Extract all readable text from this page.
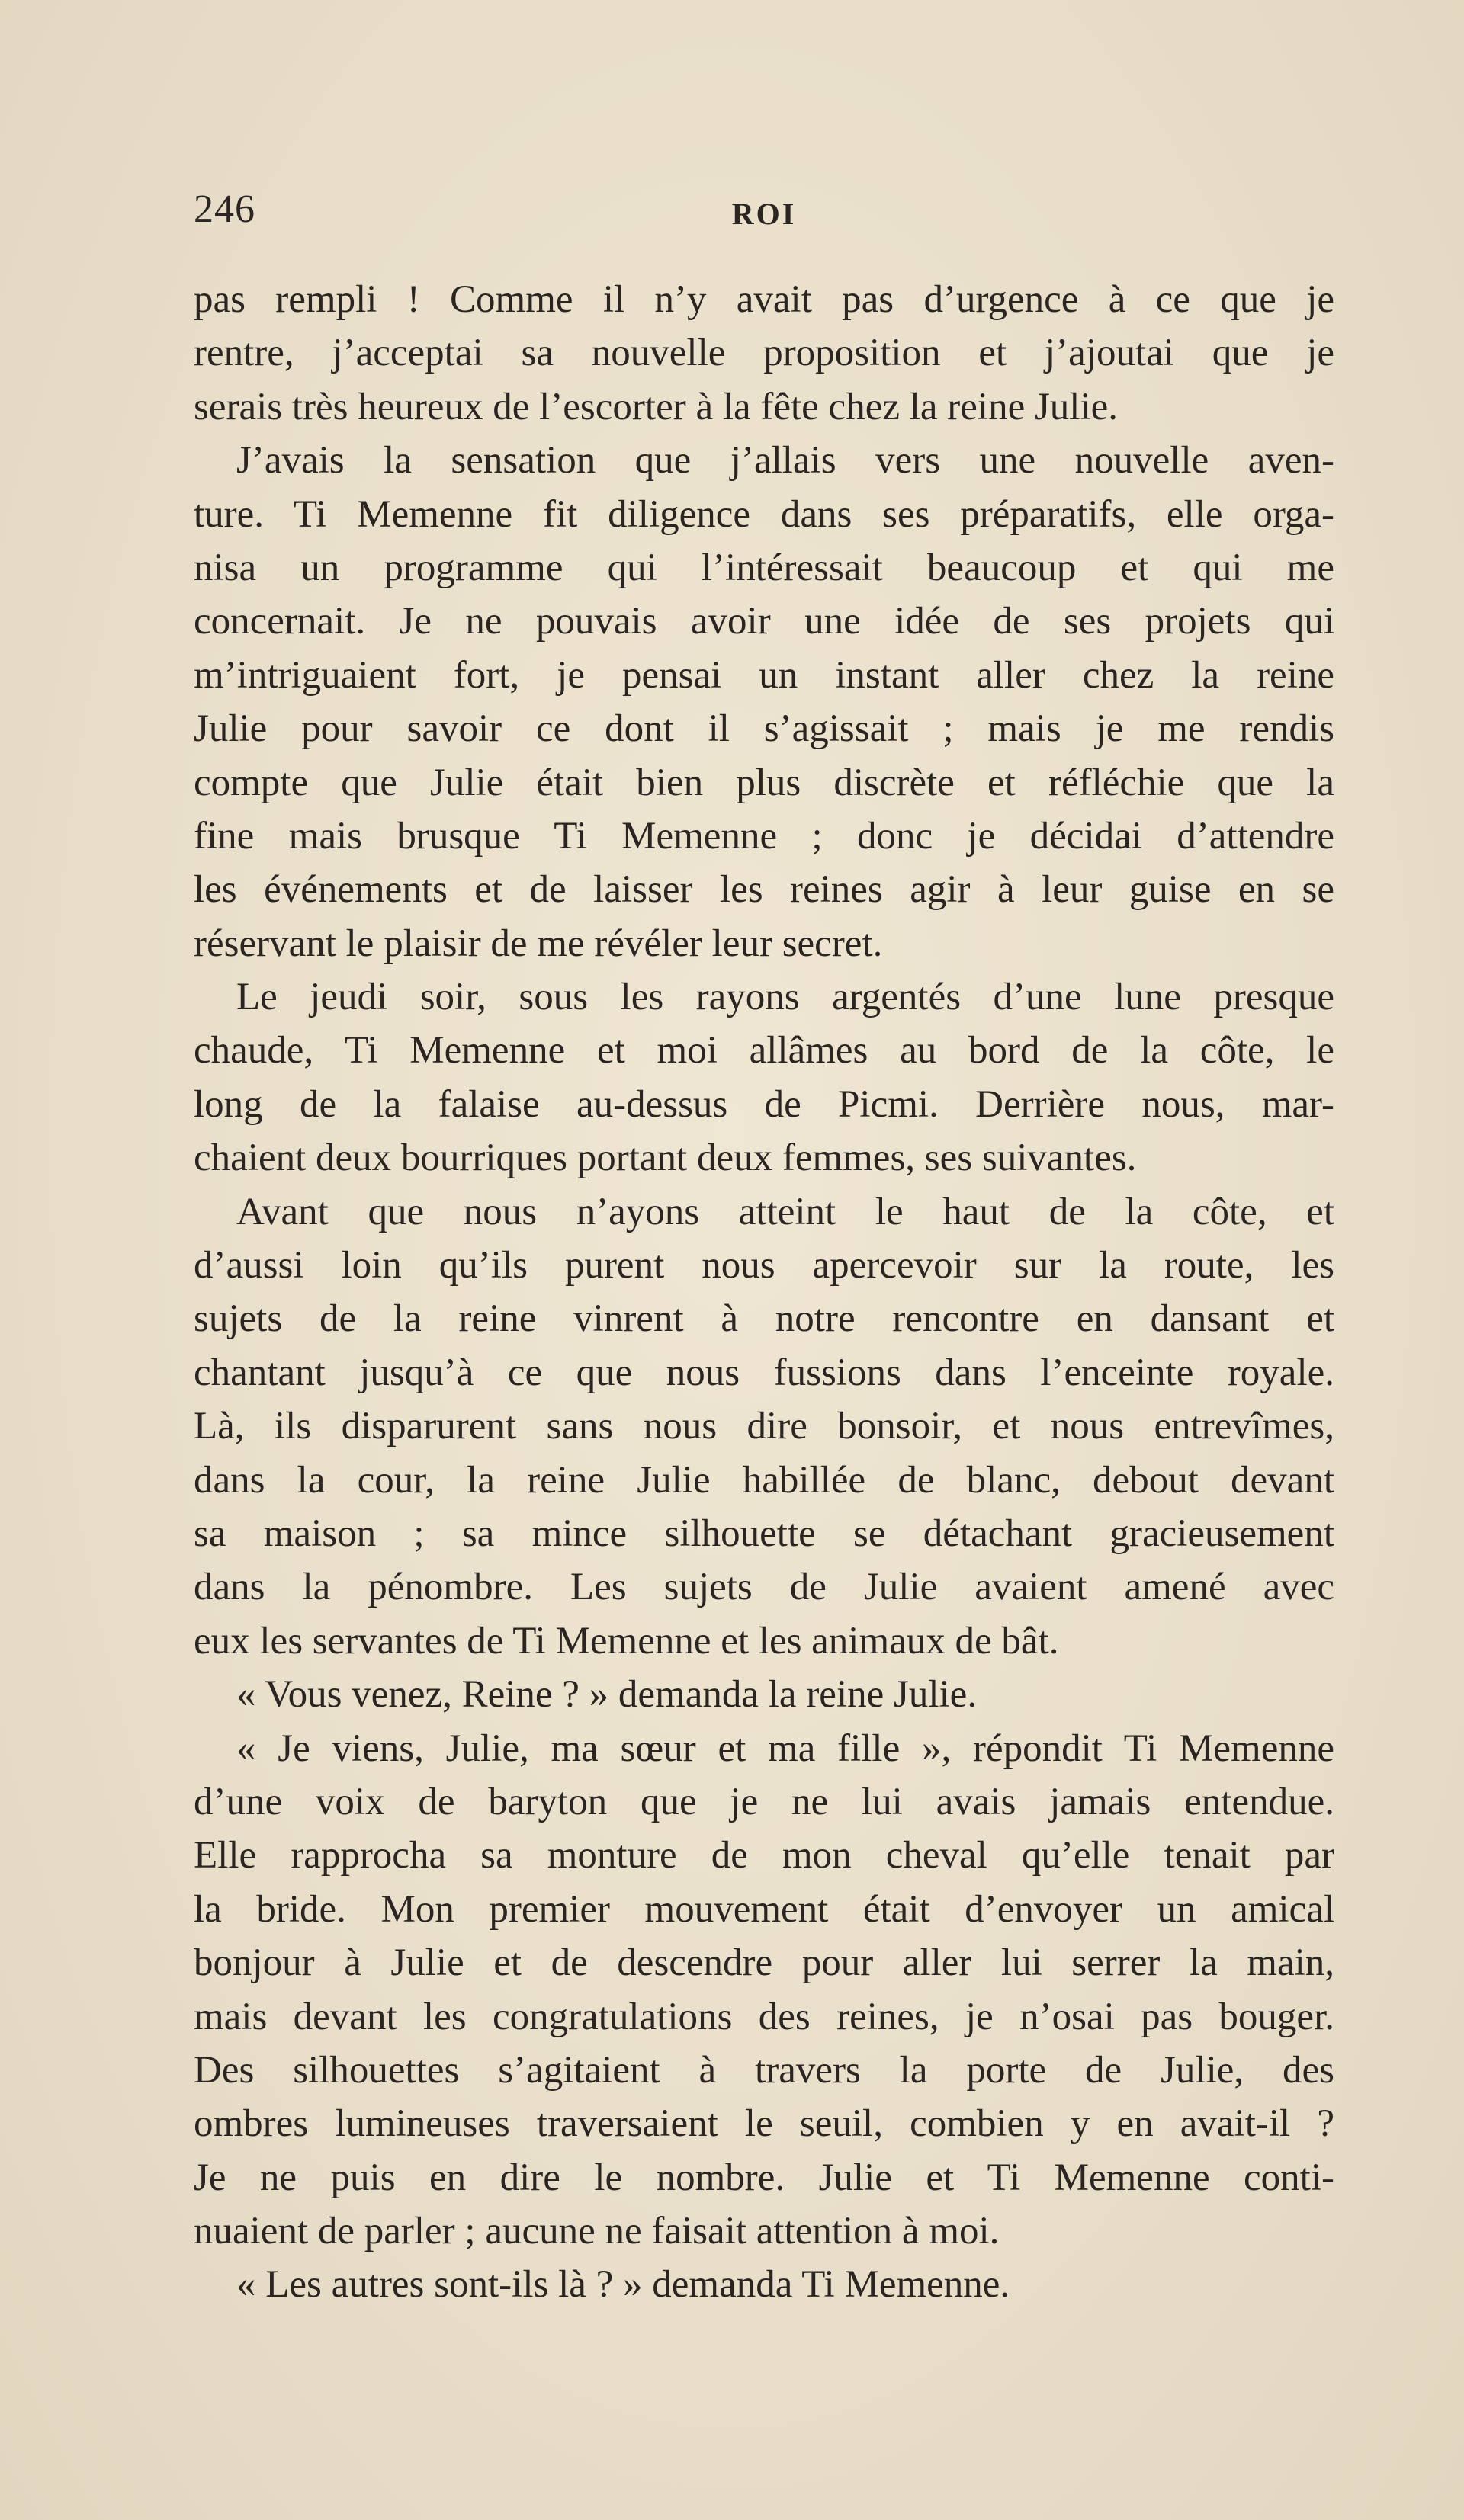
246	ROI
pas rempli ! Comme il n’y avait pas d’urgence à ce que je
rentre, j’acceptai sa nouvelle proposition et j’ajoutai que je
serais très heureux de l’escorter à la fête chez la reine Julie.
J’avais la sensation que j’allais vers une nouvelle aven-
ture. Ti Memenne fit diligence dans ses préparatifs, elle orga-
nisa un programme qui l’intéressait beaucoup et qui me
concernait. Je ne pouvais avoir une idée de ses projets qui
m’intriguaient fort, je pensai un instant aller chez la reine
Julie pour savoir ce dont il s’agissait ; mais je me rendis
compte que Julie était bien plus discrète et réfléchie que la
fine mais brusque Ti Memenne ; donc je décidai d’attendre
les événements et de laisser les reines agir à leur guise en se
réservant le plaisir de me révéler leur secret.
Le jeudi soir, sous les rayons argentés d’une lune presque
chaude, Ti Memenne et moi allâmes au bord de la côte, le
long de la falaise au-dessus de Picmi. Derrière nous, mar-
chaient deux bourriques portant deux femmes, ses suivantes.
Avant que nous n’ayons atteint le haut de la côte, et
d’aussi loin qu’ils purent nous apercevoir sur la route, les
sujets de la reine vinrent à notre rencontre en dansant et
chantant jusqu’à ce que nous fussions dans l’enceinte royale.
Là, ils disparurent sans nous dire bonsoir, et nous entrevîmes,
dans la cour, la reine Julie habillée de blanc, debout devant
sa maison ; sa mince silhouette se détachant gracieusement
dans la pénombre. Les sujets de Julie avaient amené avec
eux les servantes de Ti Memenne et les animaux de bât.
« Vous venez, Reine ? » demanda la reine Julie.
« Je viens, Julie, ma sœur et ma fille », répondit Ti Memenne
d’une voix de baryton que je ne lui avais jamais entendue.
Elle rapprocha sa monture de mon cheval qu’elle tenait par
la bride. Mon premier mouvement était d’envoyer un amical
bonjour à Julie et de descendre pour aller lui serrer la main,
mais devant les congratulations des reines, je n’osai pas bouger.
Des silhouettes s’agitaient à travers la porte de Julie, des
ombres lumineuses traversaient le seuil, combien y en avait-il ?
Je ne puis en dire le nombre. Julie et Ti Memenne conti-
nuaient de parler ; aucune ne faisait attention à moi.
« Les autres sont-ils là ? » demanda Ti Memenne.
